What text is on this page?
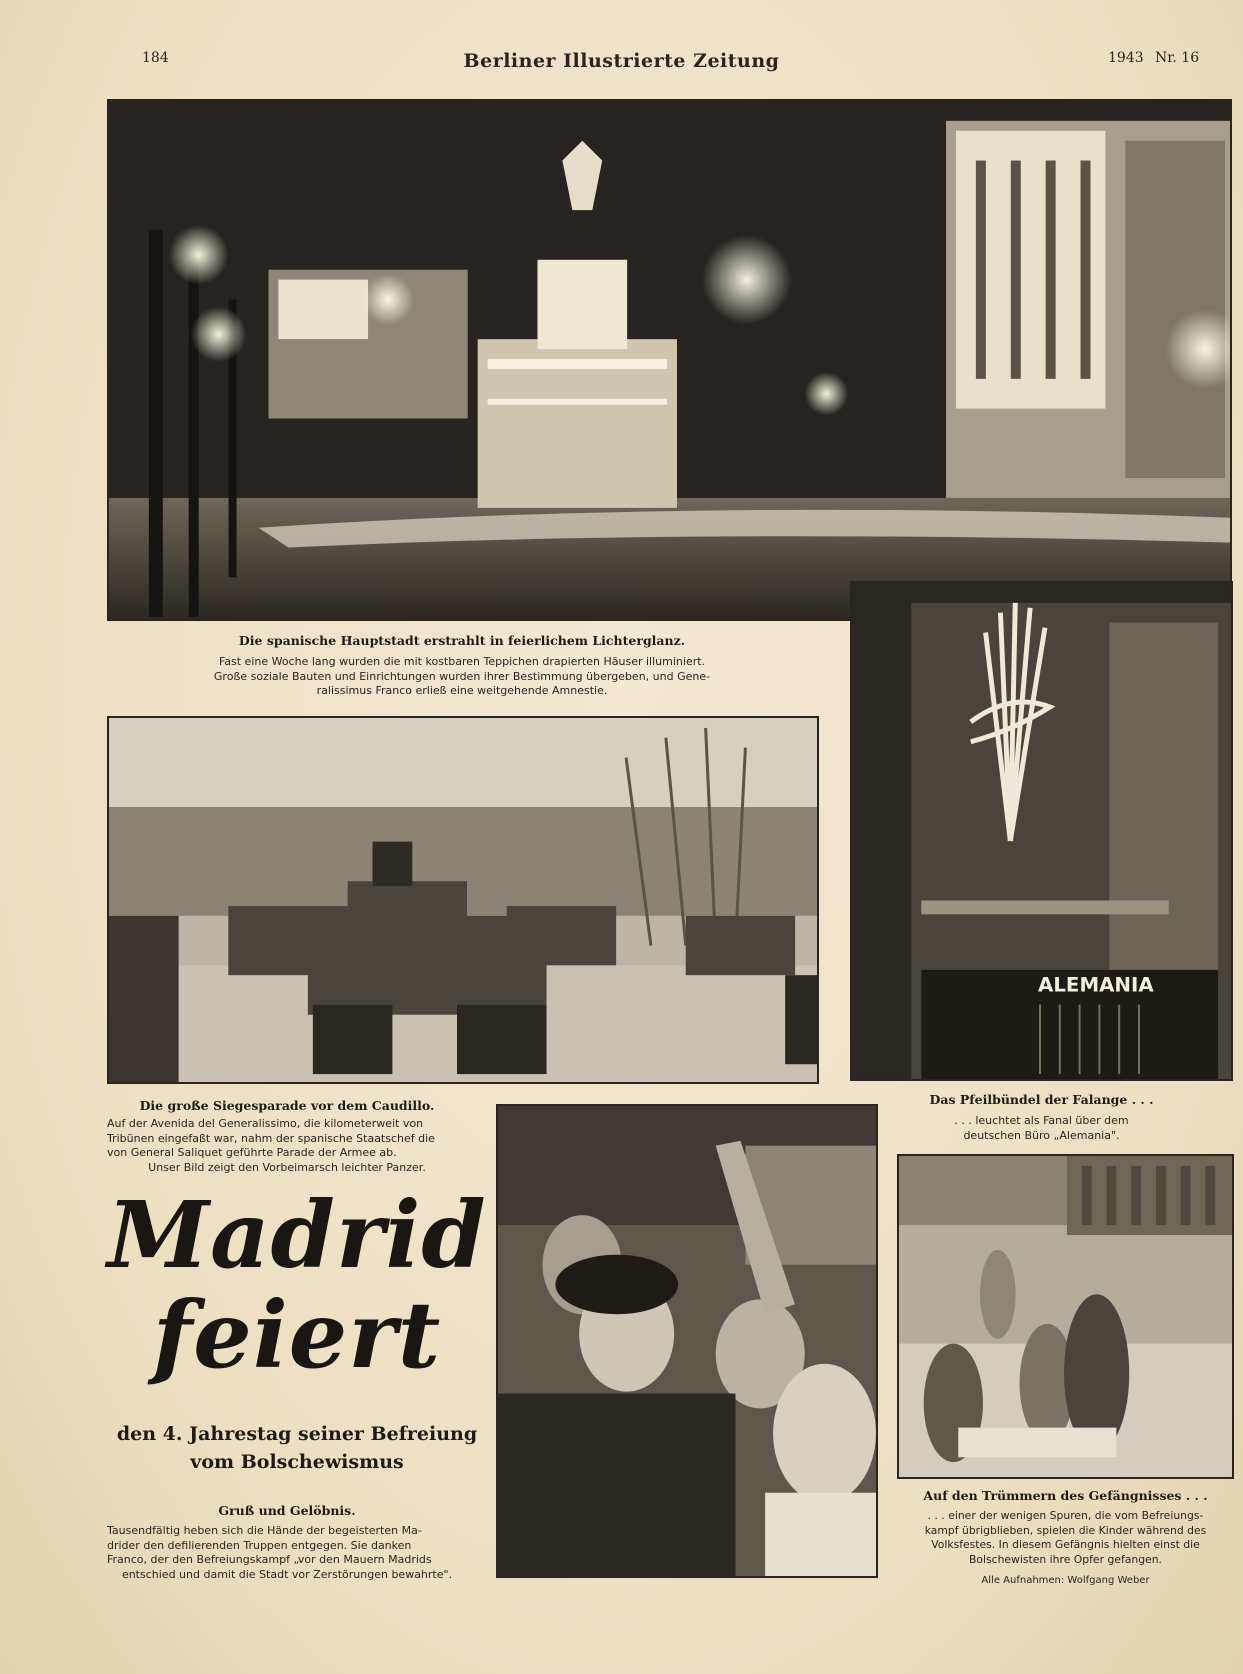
184	Berliner Illustrierte Zeitung	1943 Nr. 16
Die spanische Hauptstadt erstrahlt in feierlichem Lichterglanz.
Fast eine Woche lang wurden die mit kostbaren Teppichen drapierten Häuser illuminiert.
Große soziale Bauten und Einrichtungen wurden ihrer Bestimmung übergeben, und Gene-
ralissimus Franco erließ eine weitgehende Amnestie.
ALEMANIA
Das Pfeilbündel der Falange . . .
. . . leuchtet als Fanal über dem
deutschen Büro „Alemania".
Die große Siegesparade vor dem Caudillo.
Auf der Avenida del Generalissimo, die kilometerweit von
Tribünen eingefaßt war, nahm der spanische Staatschef die
von General Saliquet geführte Parade der Armee ab.
Unser Bild zeigt den Vorbeimarsch leichter Panzer.
Madrid
feiert
den 4. Jahrestag seiner Befreiung
vom Bolschewismus
Gruß und Gelöbnis.
Tausendfältig heben sich die Hände der begeisterten Ma-
drider den defilierenden Truppen entgegen. Sie danken
Franco, der den Befreiungskampf „vor den Mauern Madrids
entschied und damit die Stadt vor Zerstörungen bewahrte".
Auf den Trümmern des Gefängnisses . . .
. . . einer der wenigen Spuren, die vom Befreiungs-
kampf übrigblieben, spielen die Kinder während des
Volksfestes. In diesem Gefängnis hielten einst die
Bolschewisten ihre Opfer gefangen.
Alle Aufnahmen: Wolfgang Weber
